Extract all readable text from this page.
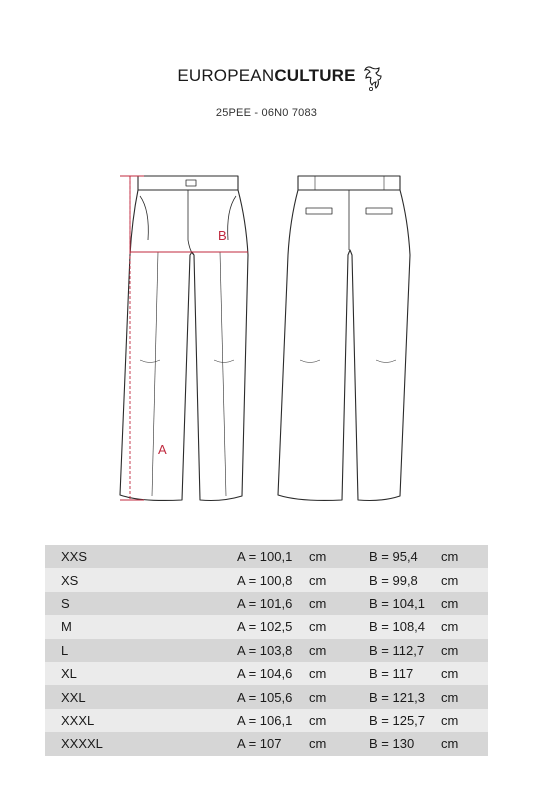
EUROPEANCULTURE
25PEE - 06N0 7083
B
A
XXS	A = 100,1	cm	B = 95,4	cm
XS	A = 100,8	cm	B = 99,8	cm
S	A = 101,6	cm	B = 104,1	cm
M	A = 102,5	cm	B = 108,4	cm
L	A = 103,8	cm	B = 112,7	cm
XL	A = 104,6	cm	B = 117	cm
XXL	A = 105,6	cm	B = 121,3	cm
XXXL	A = 106,1	cm	B = 125,7	cm
XXXXL	A = 107	cm	B = 130	cm
